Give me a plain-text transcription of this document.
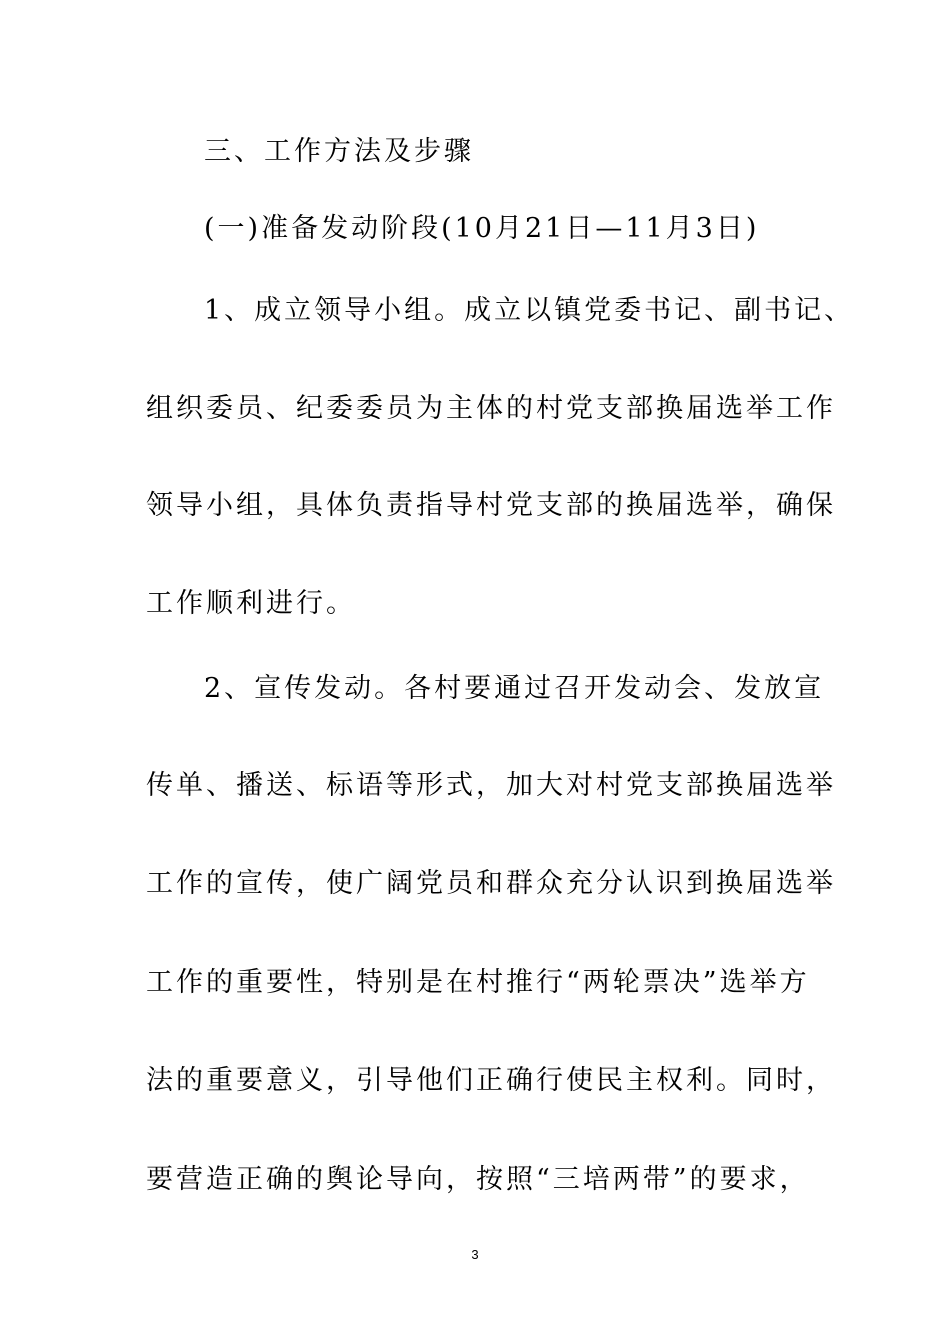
三、工作方法及步骤
(一)准备发动阶段(10月21日—11月3日)
1、成立领导小组。成立以镇党委书记、副书记、
组织委员、纪委委员为主体的村党支部换届选举工作
领导小组，具体负责指导村党支部的换届选举，确保
工作顺利进行。
2、宣传发动。各村要通过召开发动会、发放宣
传单、播送、标语等形式，加大对村党支部换届选举
工作的宣传，使广阔党员和群众充分认识到换届选举
工作的重要性，特别是在村推行“两轮票决”选举方
法的重要意义，引导他们正确行使民主权利。同时，
要营造正确的舆论导向，按照“三培两带”的要求，
3
